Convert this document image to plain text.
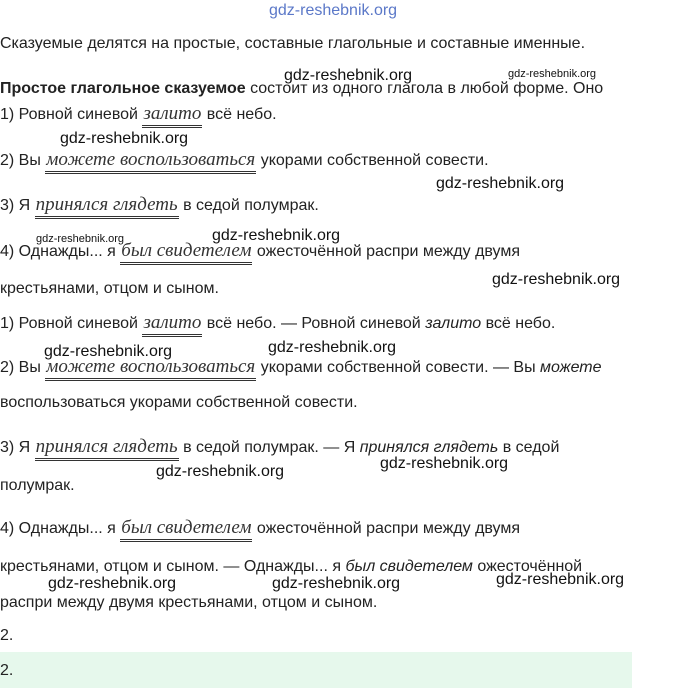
gdz-reshebnik.org
Сказуемые делятся на простые, составные глагольные и составные именные.
Простое глагольное сказуемое состоит из одного глагола в любой форме. Оно
1) Ровной синевой залито всё небо.
2) Вы можете воспользоваться укорами собственной совести.
3) Я принялся глядеть в седой полумрак.
4) Однажды... я был свидетелем ожесточённой распри между двумя
крестьянами, отцом и сыном.
1) Ровной синевой залито всё небо. — Ровной синевой залито всё небо.
2) Вы можете воспользоваться укорами собственной совести. — Вы можете
воспользоваться укорами собственной совести.
3) Я принялся глядеть в седой полумрак. — Я принялся глядеть в седой
полумрак.
4) Однажды... я был свидетелем ожесточённой распри между двумя
крестьянами, отцом и сыном. — Однажды... я был свидетелем ожесточённой
распри между двумя крестьянами, отцом и сыном.
2.
2.
gdz-reshebnik.org	gdz-reshebnik.org
gdz-reshebnik.org
gdz-reshebnik.org
gdz-reshebnik.org	gdz-reshebnik.org
gdz-reshebnik.org
gdz-reshebnik.org	gdz-reshebnik.org
gdz-reshebnik.org
gdz-reshebnik.org
gdz-reshebnik.org	gdz-reshebnik.org	gdz-reshebnik.org
